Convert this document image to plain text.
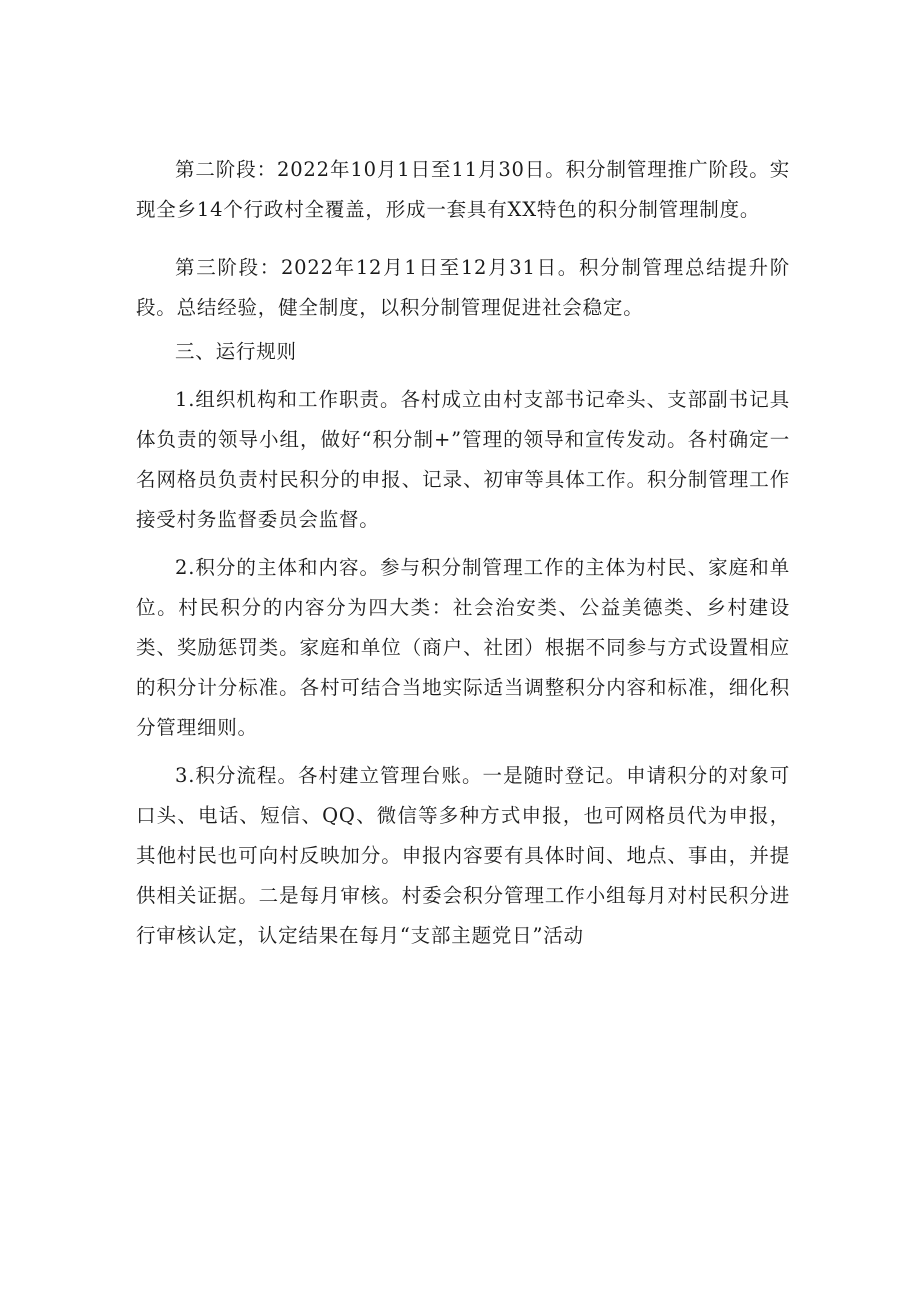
第二阶段：2022年10月1日至11月30日。积分制管理推广阶段。实现全乡14个行政村全覆盖，形成一套具有XX特色的积分制管理制度。

第三阶段：2022年12月1日至12月31日。积分制管理总结提升阶段。总结经验，健全制度，以积分制管理促进社会稳定。

三、运行规则

1.组织机构和工作职责。各村成立由村支部书记牵头、支部副书记具体负责的领导小组，做好“积分制+”管理的领导和宣传发动。各村确定一名网格员负责村民积分的申报、记录、初审等具体工作。积分制管理工作接受村务监督委员会监督。

2.积分的主体和内容。参与积分制管理工作的主体为村民、家庭和单位。村民积分的内容分为四大类：社会治安类、公益美德类、乡村建设类、奖励惩罚类。家庭和单位（商户、社团）根据不同参与方式设置相应的积分计分标准。各村可结合当地实际适当调整积分内容和标准，细化积分管理细则。

3.积分流程。各村建立管理台账。一是随时登记。申请积分的对象可口头、电话、短信、QQ、微信等多种方式申报，也可网格员代为申报，其他村民也可向村反映加分。申报内容要有具体时间、地点、事由，并提供相关证据。二是每月审核。村委会积分管理工作小组每月对村民积分进行审核认定，认定结果在每月“支部主题党日”活动
